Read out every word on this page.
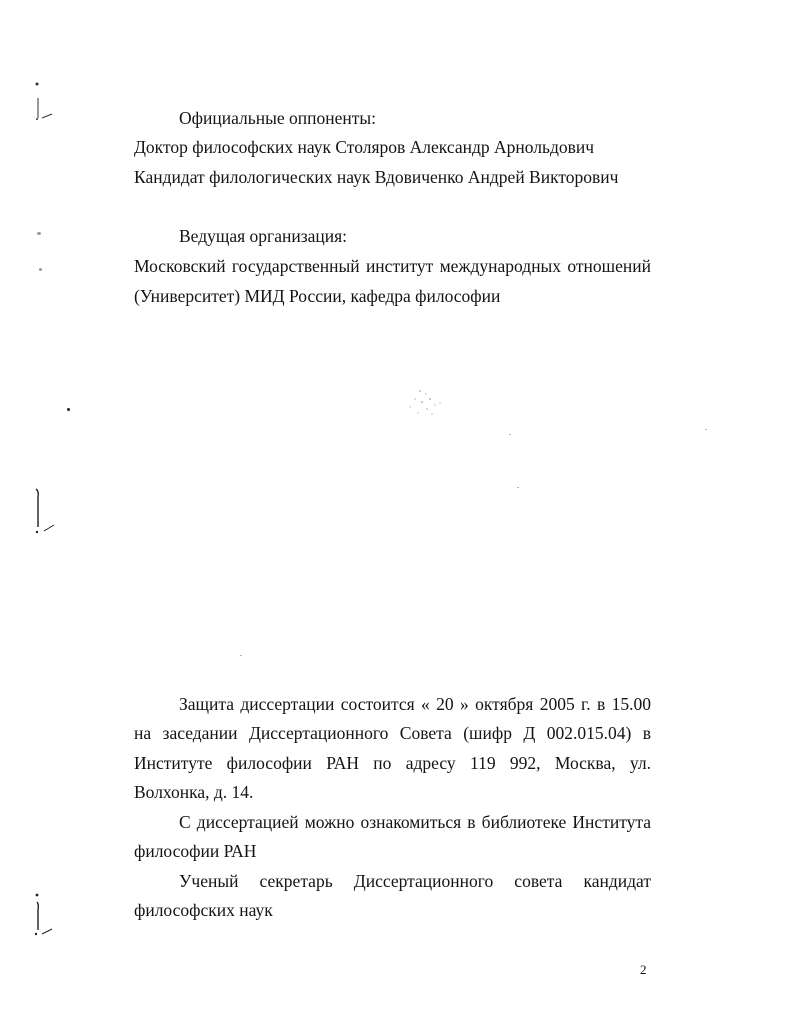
Официальные оппоненты:
Доктор философских наук Столяров Александр Арнольдович
Кандидат филологических наук Вдовиченко Андрей Викторович
Ведущая организация:
Московский государственный институт международных отношений
(Университет) МИД России, кафедра философии
Защита диссертации состоится « 20 » октября 2005 г. в 15.00
на заседании Диссертационного Совета (шифр Д 002.015.04) в
Институте философии РАН по адресу 119 992, Москва, ул.
Волхонка, д. 14.
С диссертацией можно ознакомиться в библиотеке Института
философии РАН
Ученый секретарь Диссертационного совета кандидат
философских наук
2
